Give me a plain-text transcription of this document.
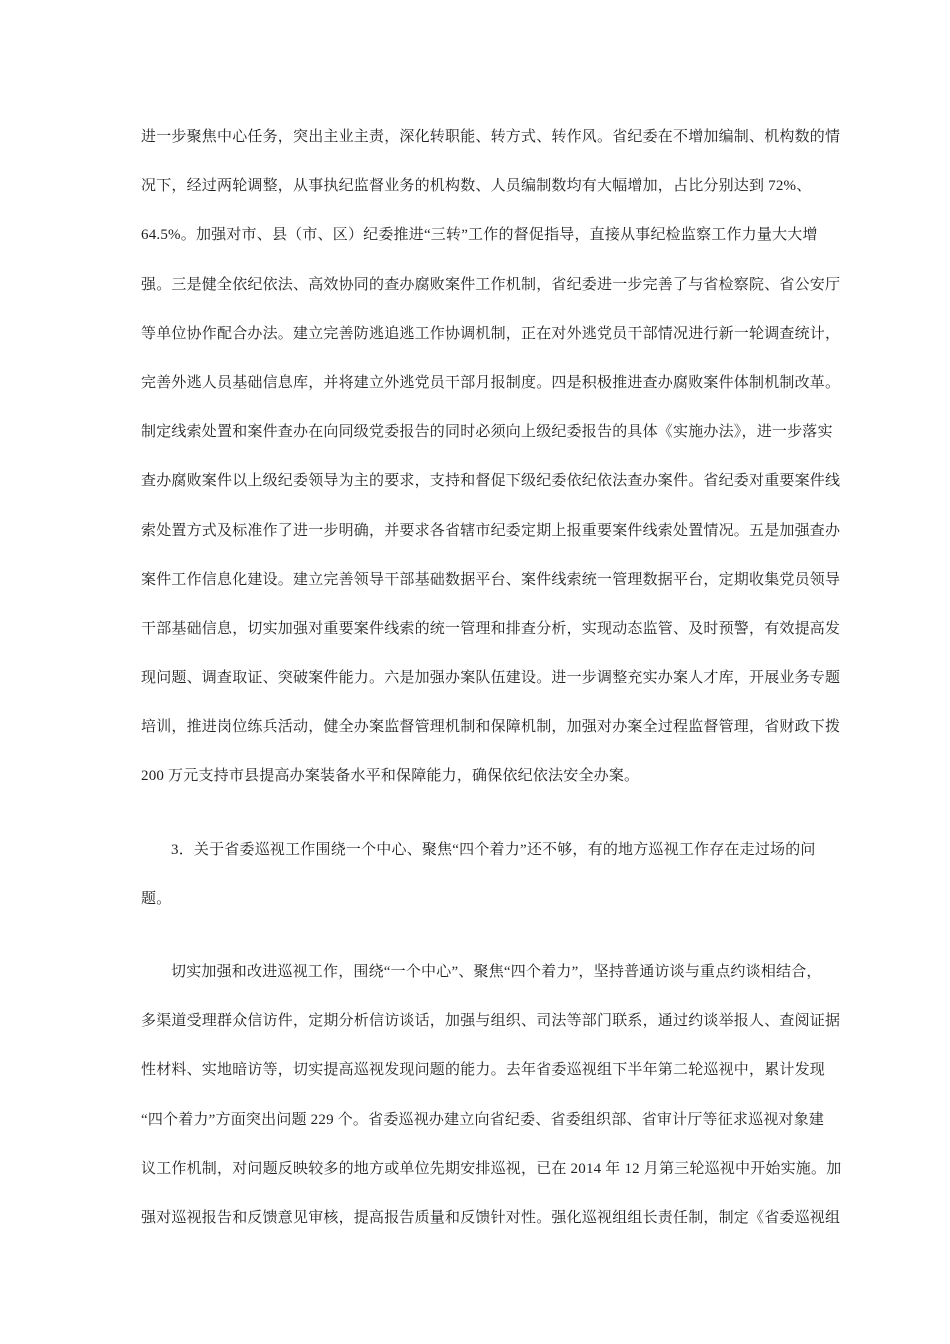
进一步聚焦中心任务，突出主业主责，深化转职能、转方式、转作风。省纪委在不增加编制、机构数的情
况下，经过两轮调整，从事执纪监督业务的机构数、人员编制数均有大幅增加，占比分别达到 72%、
64.5%。加强对市、县（市、区）纪委推进“三转”工作的督促指导，直接从事纪检监察工作力量大大增
强。三是健全依纪依法、高效协同的查办腐败案件工作机制，省纪委进一步完善了与省检察院、省公安厅
等单位协作配合办法。建立完善防逃追逃工作协调机制，正在对外逃党员干部情况进行新一轮调查统计，
完善外逃人员基础信息库，并将建立外逃党员干部月报制度。四是积极推进查办腐败案件体制机制改革。
制定线索处置和案件查办在向同级党委报告的同时必须向上级纪委报告的具体《实施办法》，进一步落实
查办腐败案件以上级纪委领导为主的要求，支持和督促下级纪委依纪依法查办案件。省纪委对重要案件线
索处置方式及标准作了进一步明确，并要求各省辖市纪委定期上报重要案件线索处置情况。五是加强查办
案件工作信息化建设。建立完善领导干部基础数据平台、案件线索统一管理数据平台，定期收集党员领导
干部基础信息，切实加强对重要案件线索的统一管理和排查分析，实现动态监管、及时预警，有效提高发
现问题、调查取证、突破案件能力。六是加强办案队伍建设。进一步调整充实办案人才库，开展业务专题
培训，推进岗位练兵活动，健全办案监督管理机制和保障机制，加强对办案全过程监督管理，省财政下拨
200 万元支持市县提高办案装备水平和保障能力，确保依纪依法安全办案。
3．关于省委巡视工作围绕一个中心、聚焦“四个着力”还不够，有的地方巡视工作存在走过场的问
题。
切实加强和改进巡视工作，围绕“一个中心”、聚焦“四个着力”，坚持普通访谈与重点约谈相结合，
多渠道受理群众信访件，定期分析信访谈话，加强与组织、司法等部门联系，通过约谈举报人、查阅证据
性材料、实地暗访等，切实提高巡视发现问题的能力。去年省委巡视组下半年第二轮巡视中，累计发现
“四个着力”方面突出问题 229 个。省委巡视办建立向省纪委、省委组织部、省审计厅等征求巡视对象建
议工作机制，对问题反映较多的地方或单位先期安排巡视，已在 2014 年 12 月第三轮巡视中开始实施。加
强对巡视报告和反馈意见审核，提高报告质量和反馈针对性。强化巡视组组长责任制，制定《省委巡视组
